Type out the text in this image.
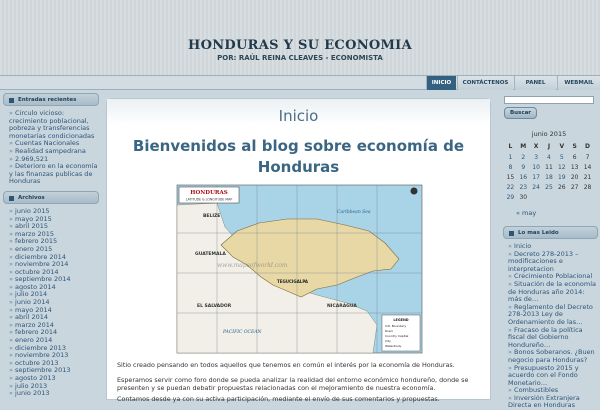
HONDURAS Y SU ECONOMIA
POR: RAÚL REINA CLEAVES - ECONOMISTA
INICIO	CONTÁCTENOS	PANEL	WEBMAIL
Entradas recientes
» Circulo vicioso: crecimiento poblacional, pobreza y transferencias monetarias condicionadas
» Cuentas Nacionales
» Realidad sampedrana
» 2.969,521
» Deterioro en la economía y las finanzas publicas de Honduras
Archivos
» junio 2015
» mayo 2015
» abril 2015
» marzo 2015
» febrero 2015
» enero 2015
» diciembre 2014
» noviembre 2014
» octubre 2014
» septiembre 2014
» agosto 2014
» julio 2014
» junio 2014
» mayo 2014
» abril 2014
» marzo 2014
» febrero 2014
» enero 2014
» diciembre 2013
» noviembre 2013
» octubre 2013
» septiembre 2013
» agosto 2013
» julio 2013
» junio 2013
Inicio
Bienvenidos al blog sobre economía de Honduras
HONDURAS
LATITUDE & LONGITUDE MAP
BELIZE
GUATEMALA
EL SALVADOR	NICARAGUA
TEGUCIGALPA
Caribbean Sea
PACIFIC OCEAN
www.mapsofworld.com
LEGEND
Intl. Boundary
Road
Country Capital
City
Waterbody
Sitio creado pensando en todos aquellos que tenemos en común el interés por la economía de Honduras.
Esperamos servir como foro donde se pueda analizar la realidad del entorno económico hondureño, donde se presenten y se puedan debatir propuestas relacionadas con el mejoramiento de nuestra economía.
Contamos desde ya con su activa participación, mediante el envío de sus comentarios y propuestas.
Buscar
junio 2015
L	M	X	J	V	S	D
1	2	3	4	5	6	7
8	9	10	11	12	13	14
15	16	17	18	19	20	21
22	23	24	25	26	27	28
29	30					
« may
Lo mas Leido
» Inicio
» Decreto 278-2013 – modificaciones e interpretacion
» Crecimiento Poblacional
» Situación de la economía de Honduras año 2014: más de…
» Reglamento del Decreto 278-2013 Ley de Ordenamiento de las…
» Fracaso de la política fiscal del Gobierno Hondureño…
» Bonos Soberanos. ¿Buen negocio para Honduras?
» Presupuesto 2015 y acuerdo con el Fondo Monetario…
» Combustibles
» Inversión Extranjera Directa en Honduras
